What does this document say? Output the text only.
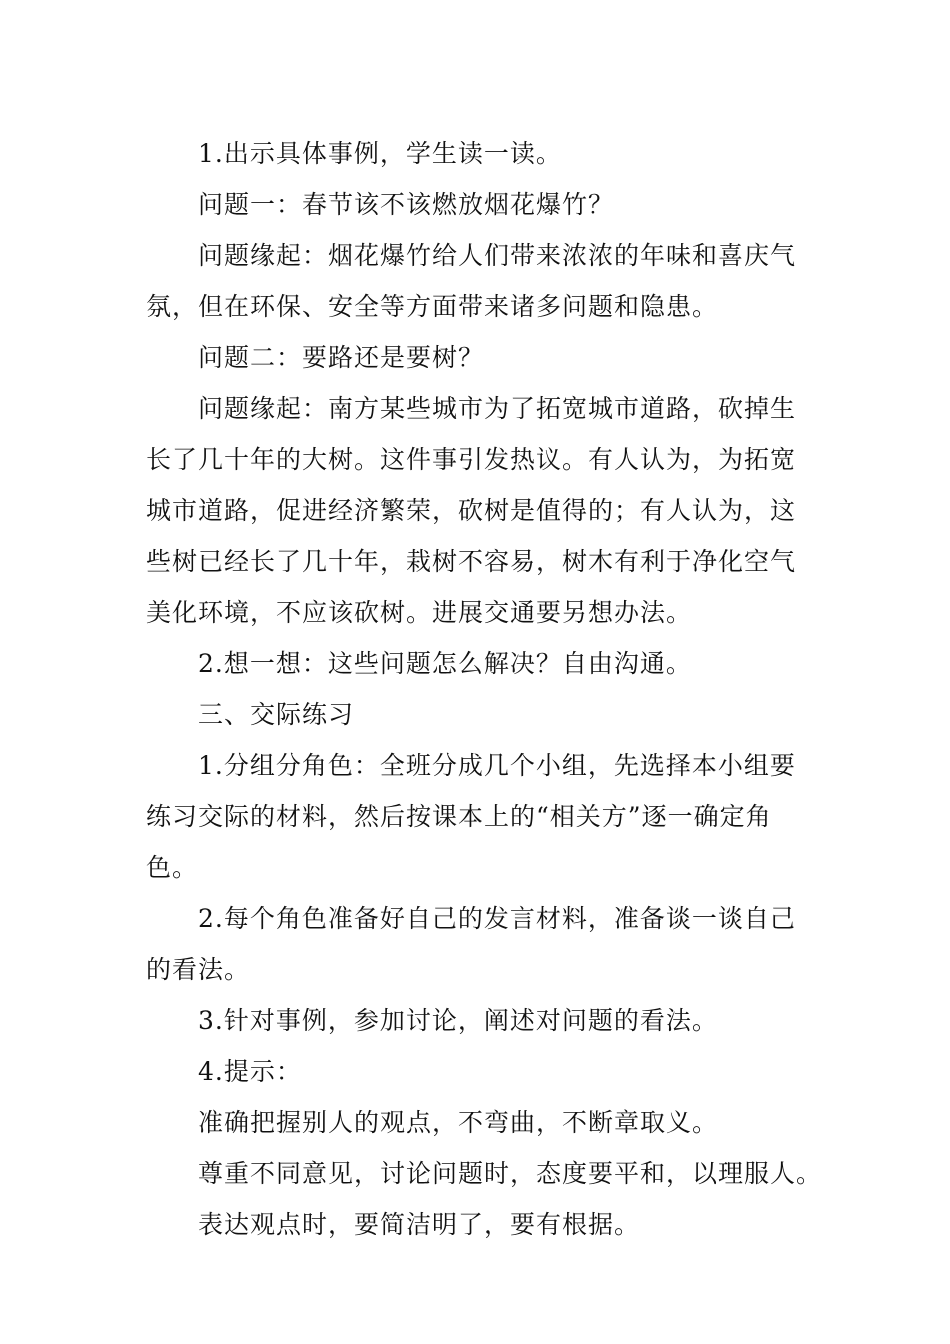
1.出示具体事例，学生读一读。

问题一：春节该不该燃放烟花爆竹？

问题缘起：烟花爆竹给人们带来浓浓的年味和喜庆气

氛，但在环保、安全等方面带来诸多问题和隐患。

问题二：要路还是要树？

问题缘起：南方某些城市为了拓宽城市道路，砍掉生

长了几十年的大树。这件事引发热议。有人认为，为拓宽

城市道路，促进经济繁荣，砍树是值得的；有人认为，这

些树已经长了几十年，栽树不容易，树木有利于净化空气

美化环境，不应该砍树。进展交通要另想办法。

2.想一想：这些问题怎么解决？自由沟通。

三、交际练习

1.分组分角色：全班分成几个小组，先选择本小组要

练习交际的材料，然后按课本上的“相关方”逐一确定角

色。

2.每个角色准备好自己的发言材料，准备谈一谈自己

的看法。

3.针对事例，参加讨论，阐述对问题的看法。

4.提示：

准确把握别人的观点，不弯曲，不断章取义。

尊重不同意见，讨论问题时，态度要平和，以理服人。

表达观点时，要简洁明了，要有根据。
